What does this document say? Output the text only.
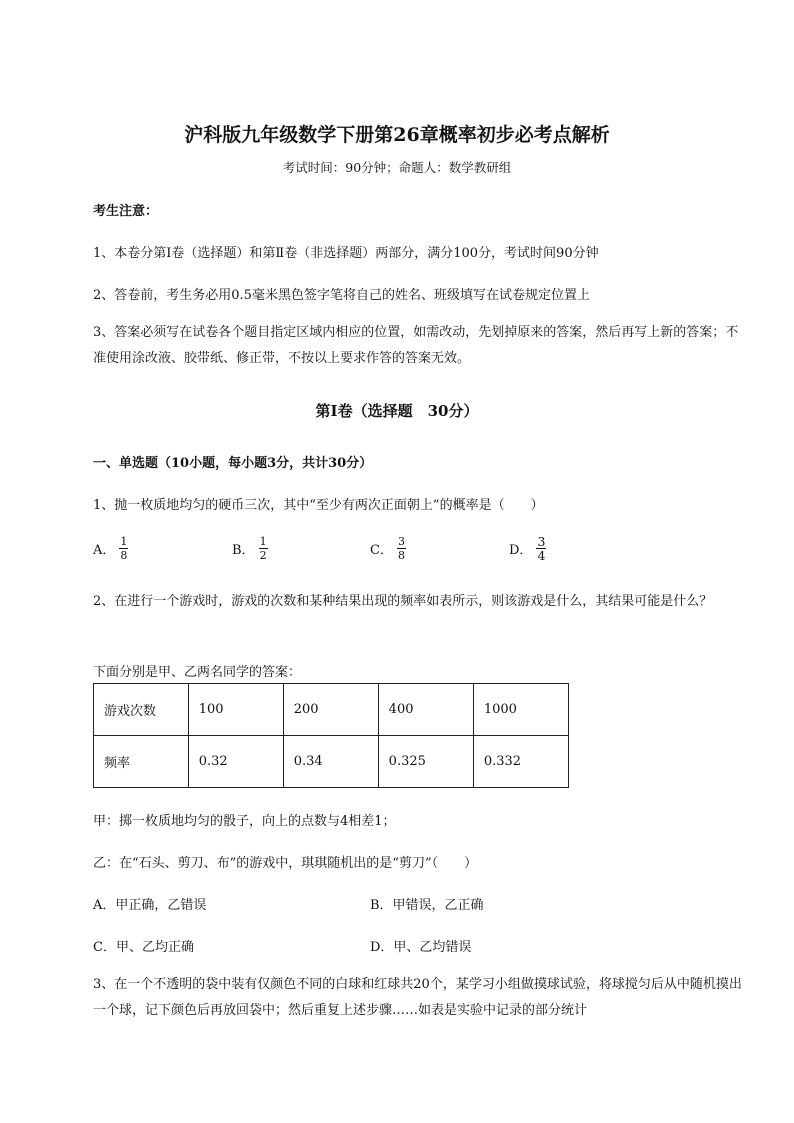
沪科版九年级数学下册第26章概率初步必考点解析
考试时间：90分钟；命题人：数学教研组
考生注意：
1、本卷分第I卷（选择题）和第Ⅱ卷（非选择题）两部分，满分100分，考试时间90分钟
2、答卷前，考生务必用0.5毫米黑色签字笔将自己的姓名、班级填写在试卷规定位置上
3、答案必须写在试卷各个题目指定区域内相应的位置，如需改动，先划掉原来的答案，然后再写上新的答案；不准使用涂改液、胶带纸、修正带，不按以上要求作答的答案无效。
第I卷（选择题　30分）
一、单选题（10小题，每小题3分，共计30分）
1、抛一枚质地均匀的硬币三次，其中“至少有两次正面朝上”的概率是（　　）
A． $\frac{1}{8}$	B． $\frac{1}{2}$	C． $\frac{3}{8}$	D． $\frac{3}{4}$
2、在进行一个游戏时，游戏的次数和某种结果出现的频率如表所示，则该游戏是什么，其结果可能是什么？
下面分别是甲、乙两名同学的答案：
游戏次数	100	200	400	1000
频率	0.32	0.34	0.325	0.332
甲：掷一枚质地均匀的骰子，向上的点数与4相差1；
乙：在“石头、剪刀、布”的游戏中，琪琪随机出的是“剪刀”（　　）
A．甲正确，乙错误	B．甲错误，乙正确
C．甲、乙均正确	D．甲、乙均错误
3、在一个不透明的袋中装有仅颜色不同的白球和红球共20个，某学习小组做摸球试验，将球搅匀后从中随机摸出一个球，记下颜色后再放回袋中；然后重复上述步骤……如表是实验中记录的部分统计
